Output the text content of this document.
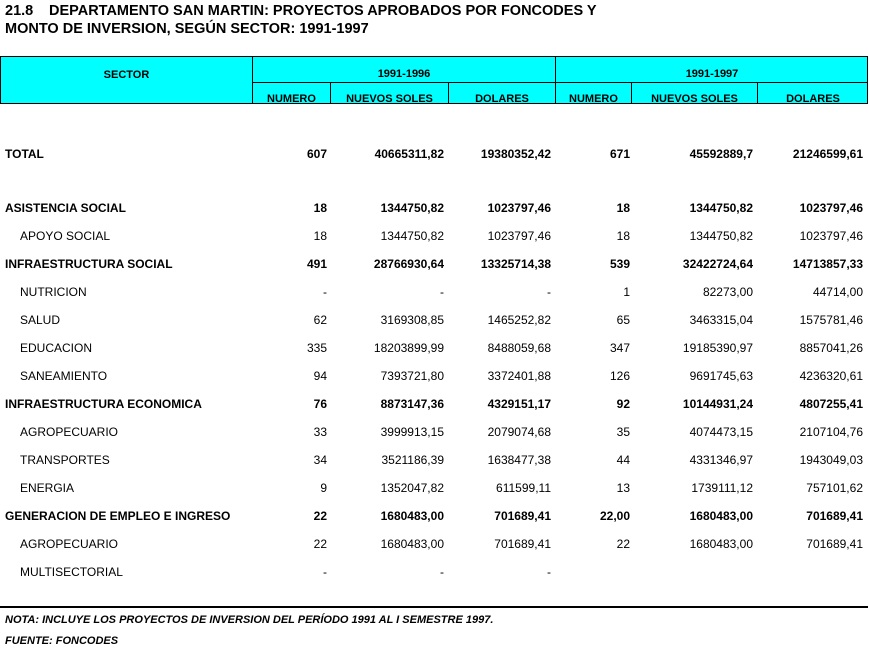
21.8 DEPARTAMENTO SAN MARTIN: PROYECTOS APROBADOS POR FONCODES Y
MONTO DE INVERSION, SEGÚN SECTOR: 1991-1997
SECTOR	1991-1996	1991-1997
NUMERO	NUEVOS SOLES	DOLARES	NUMERO	NUEVOS SOLES	DOLARES
TOTAL	607	40665311,82	19380352,42	671	45592889,7	21246599,61
ASISTENCIA SOCIAL	18	1344750,82	1023797,46	18	1344750,82	1023797,46
APOYO SOCIAL	18	1344750,82	1023797,46	18	1344750,82	1023797,46
INFRAESTRUCTURA SOCIAL	491	28766930,64	13325714,38	539	32422724,64	14713857,33
NUTRICION	-	-	-	1	82273,00	44714,00
SALUD	62	3169308,85	1465252,82	65	3463315,04	1575781,46
EDUCACION	335	18203899,99	8488059,68	347	19185390,97	8857041,26
SANEAMIENTO	94	7393721,80	3372401,88	126	9691745,63	4236320,61
INFRAESTRUCTURA ECONOMICA	76	8873147,36	4329151,17	92	10144931,24	4807255,41
AGROPECUARIO	33	3999913,15	2079074,68	35	4074473,15	2107104,76
TRANSPORTES	34	3521186,39	1638477,38	44	4331346,97	1943049,03
ENERGIA	9	1352047,82	611599,11	13	1739111,12	757101,62
GENERACION DE EMPLEO E INGRESO	22	1680483,00	701689,41	22,00	1680483,00	701689,41
AGROPECUARIO	22	1680483,00	701689,41	22	1680483,00	701689,41
MULTISECTORIAL	-	-	-
NOTA: INCLUYE LOS PROYECTOS DE INVERSION DEL PERÍODO 1991 AL I SEMESTRE 1997.
FUENTE: FONCODES
